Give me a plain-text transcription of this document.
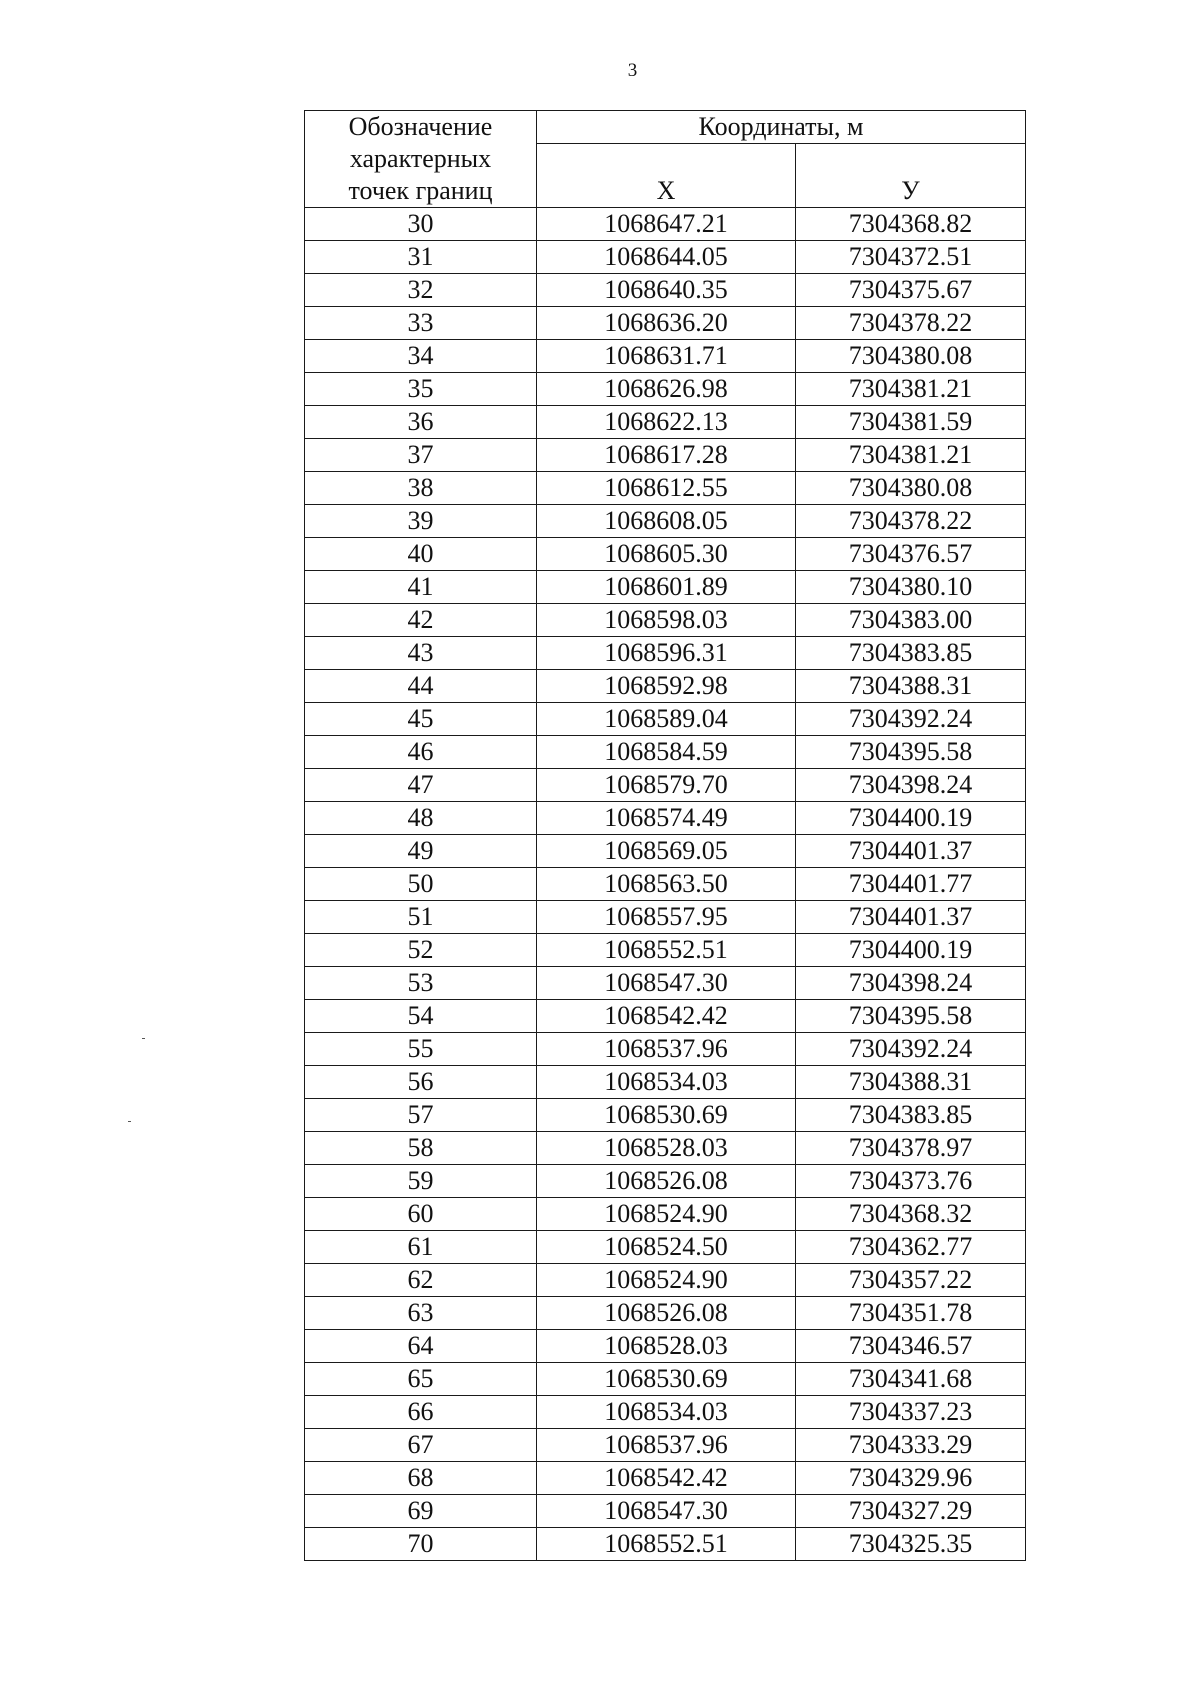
3
Обозначение
характерных
точек границ	Координаты, м	
	X	У
30	1068647.21	7304368.82
31	1068644.05	7304372.51
32	1068640.35	7304375.67
33	1068636.20	7304378.22
34	1068631.71	7304380.08
35	1068626.98	7304381.21
36	1068622.13	7304381.59
37	1068617.28	7304381.21
38	1068612.55	7304380.08
39	1068608.05	7304378.22
40	1068605.30	7304376.57
41	1068601.89	7304380.10
42	1068598.03	7304383.00
43	1068596.31	7304383.85
44	1068592.98	7304388.31
45	1068589.04	7304392.24
46	1068584.59	7304395.58
47	1068579.70	7304398.24
48	1068574.49	7304400.19
49	1068569.05	7304401.37
50	1068563.50	7304401.77
51	1068557.95	7304401.37
52	1068552.51	7304400.19
53	1068547.30	7304398.24
54	1068542.42	7304395.58
55	1068537.96	7304392.24
56	1068534.03	7304388.31
57	1068530.69	7304383.85
58	1068528.03	7304378.97
59	1068526.08	7304373.76
60	1068524.90	7304368.32
61	1068524.50	7304362.77
62	1068524.90	7304357.22
63	1068526.08	7304351.78
64	1068528.03	7304346.57
65	1068530.69	7304341.68
66	1068534.03	7304337.23
67	1068537.96	7304333.29
68	1068542.42	7304329.96
69	1068547.30	7304327.29
70	1068552.51	7304325.35
